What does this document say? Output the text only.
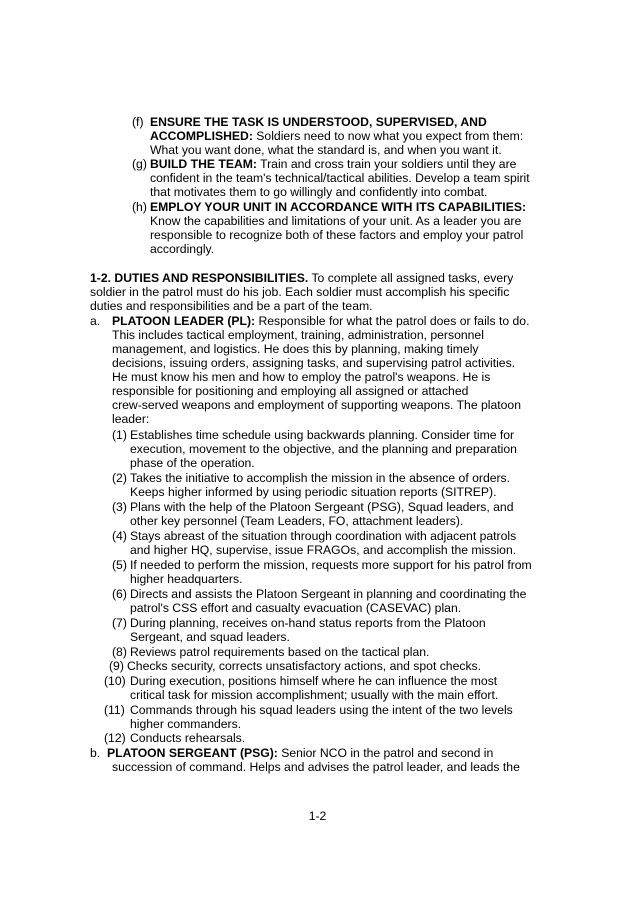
(f) ENSURE THE TASK IS UNDERSTOOD, SUPERVISED, AND
ACCOMPLISHED: Soldiers need to now what you expect from them:
What you want done, what the standard is, and when you want it.
(g) BUILD THE TEAM: Train and cross train your soldiers until they are
confident in the team's technical/tactical abilities. Develop a team spirit
that motivates them to go willingly and confidently into combat.
(h) EMPLOY YOUR UNIT IN ACCORDANCE WITH ITS CAPABILITIES:
Know the capabilities and limitations of your unit. As a leader you are
responsible to recognize both of these factors and employ your patrol
accordingly.
1-2. DUTIES AND RESPONSIBILITIES. To complete all assigned tasks, every
soldier in the patrol must do his job. Each soldier must accomplish his specific
duties and responsibilities and be a part of the team.
a. PLATOON LEADER (PL): Responsible for what the patrol does or fails to do.
This includes tactical employment, training, administration, personnel
management, and logistics. He does this by planning, making timely
decisions, issuing orders, assigning tasks, and supervising patrol activities.
He must know his men and how to employ the patrol's weapons. He is
responsible for positioning and employing all assigned or attached
crew-served weapons and employment of supporting weapons. The platoon
leader:
(1) Establishes time schedule using backwards planning. Consider time for
execution, movement to the objective, and the planning and preparation
phase of the operation.
(2) Takes the initiative to accomplish the mission in the absence of orders.
Keeps higher informed by using periodic situation reports (SITREP).
(3) Plans with the help of the Platoon Sergeant (PSG), Squad leaders, and
other key personnel (Team Leaders, FO, attachment leaders).
(4) Stays abreast of the situation through coordination with adjacent patrols
and higher HQ, supervise, issue FRAGOs, and accomplish the mission.
(5) If needed to perform the mission, requests more support for his patrol from
higher headquarters.
(6) Directs and assists the Platoon Sergeant in planning and coordinating the
patrol's CSS effort and casualty evacuation (CASEVAC) plan.
(7) During planning, receives on-hand status reports from the Platoon
Sergeant, and squad leaders.
(8) Reviews patrol requirements based on the tactical plan.
(9) Checks security, corrects unsatisfactory actions, and spot checks.
(10) During execution, positions himself where he can influence the most
critical task for mission accomplishment; usually with the main effort.
(11) Commands through his squad leaders using the intent of the two levels
higher commanders.
(12) Conducts rehearsals.
b. PLATOON SERGEANT (PSG): Senior NCO in the patrol and second in
succession of command. Helps and advises the patrol leader, and leads the
1-2
